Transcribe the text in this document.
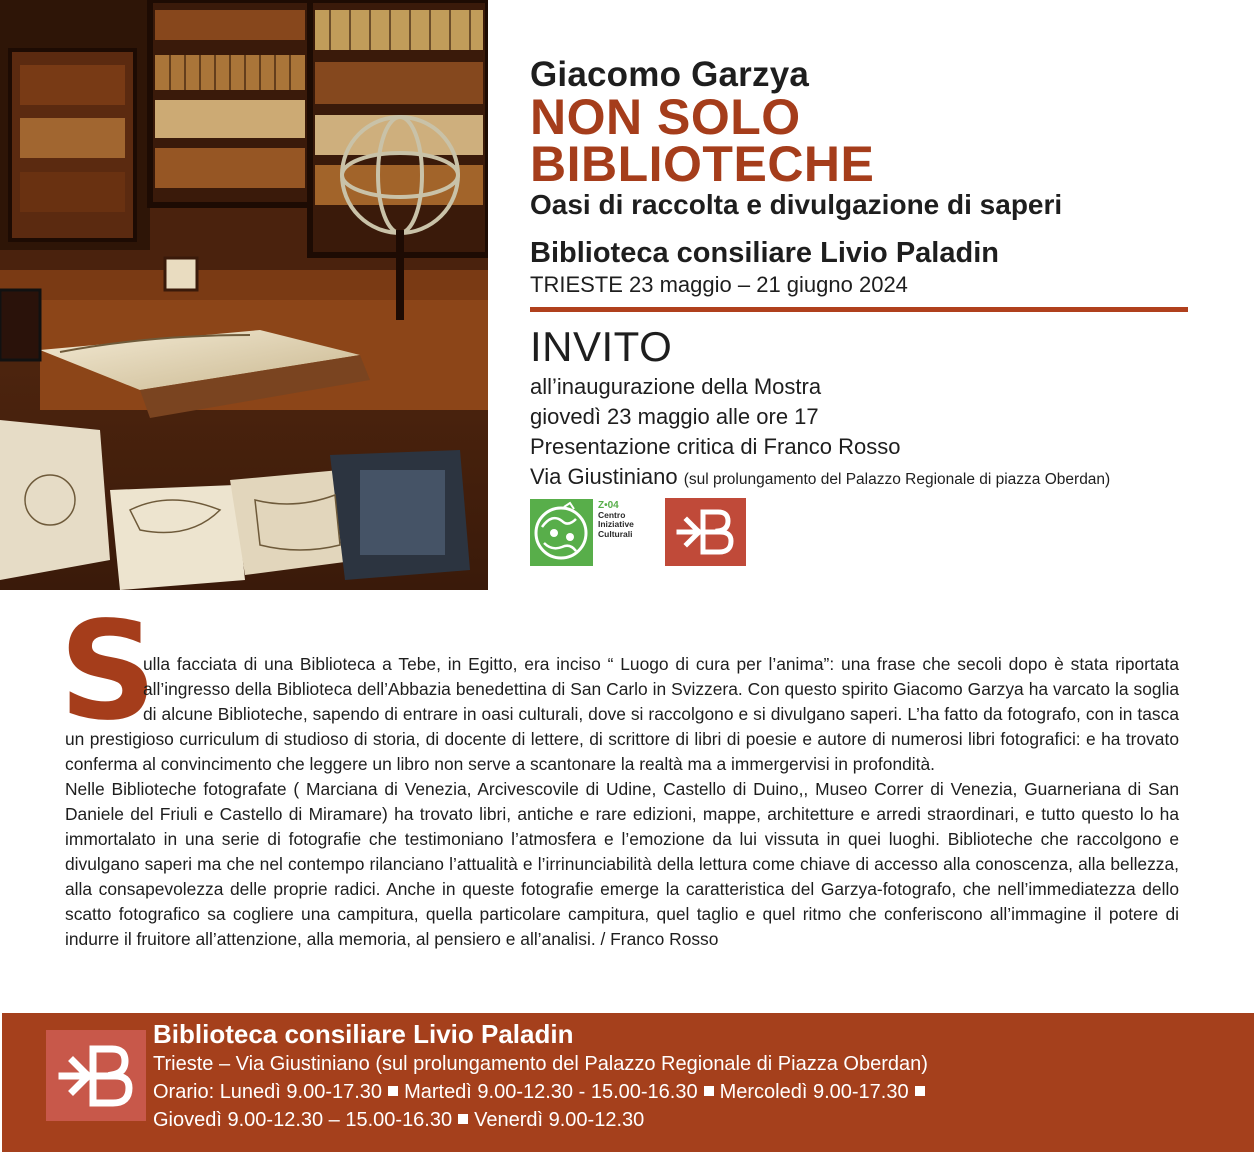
Giacomo Garzya
NON SOLO
BIBLIOTECHE
Oasi di raccolta e divulgazione di saperi
Biblioteca consiliare Livio Paladin
TRIESTE 23 maggio – 21 giugno 2024
INVITO
all’inaugurazione della Mostra
giovedì 23 maggio alle ore 17
Presentazione critica di Franco Rosso
Via Giustiniano (sul prolungamento del Palazzo Regionale di piazza Oberdan)
Z•04
Centro
Iniziative
Culturali

S
ulla facciata di una Biblioteca a Tebe, in Egitto, era inciso “ Luogo di cura per l’anima”: una frase che secoli dopo è stata riportata all’ingresso della Biblioteca dell’Abbazia benedettina di San Carlo in Svizzera. Con questo spirito Giacomo Garzya ha varcato la soglia di alcune Biblioteche, sapendo di entrare in oasi culturali, dove si raccolgono e si divulgano saperi. L’ha fatto da fotografo, con in tasca un prestigioso curriculum di studioso di storia, di docente di lettere, di scrittore di libri di poesie e autore di numerosi libri fotografici: e ha trovato conferma al convincimento che leggere un libro non serve a scantonare la realtà ma a immergervisi in profondità.

Nelle Biblioteche fotografate ( Marciana di Venezia, Arcivescovile di Udine, Castello di Duino,, Museo Correr di Venezia, Guarneriana di San Daniele del Friuli e Castello di Miramare) ha trovato libri, antiche e rare edizioni, mappe, architetture e arredi straordinari, e tutto questo lo ha immortalato in una serie di fotografie che testimoniano l’atmosfera e l’emozione da lui vissuta in quei luoghi. Biblioteche che raccolgono e divulgano saperi ma che nel contempo rilanciano l’attualità e l’irrinunciabilità della lettura come chiave di accesso alla conoscenza, alla bellezza, alla consapevolezza delle proprie radici. Anche in queste fotografie emerge la caratteristica del Garzya-fotografo, che nell’immediatezza dello scatto fotografico sa cogliere una campitura, quella particolare campitura, quel taglio e quel ritmo che conferiscono all’immagine il potere di indurre il fruitore all’attenzione, alla memoria, al pensiero e all’analisi. / Franco Rosso

Biblioteca consiliare Livio Paladin
Trieste – Via Giustiniano (sul prolungamento del Palazzo Regionale di Piazza Oberdan)
Orario: Lunedì 9.00-17.30 Martedì 9.00-12.30 - 15.00-16.30 Mercoledì 9.00-17.30
Giovedì 9.00-12.30 – 15.00-16.30 Venerdì 9.00-12.30
